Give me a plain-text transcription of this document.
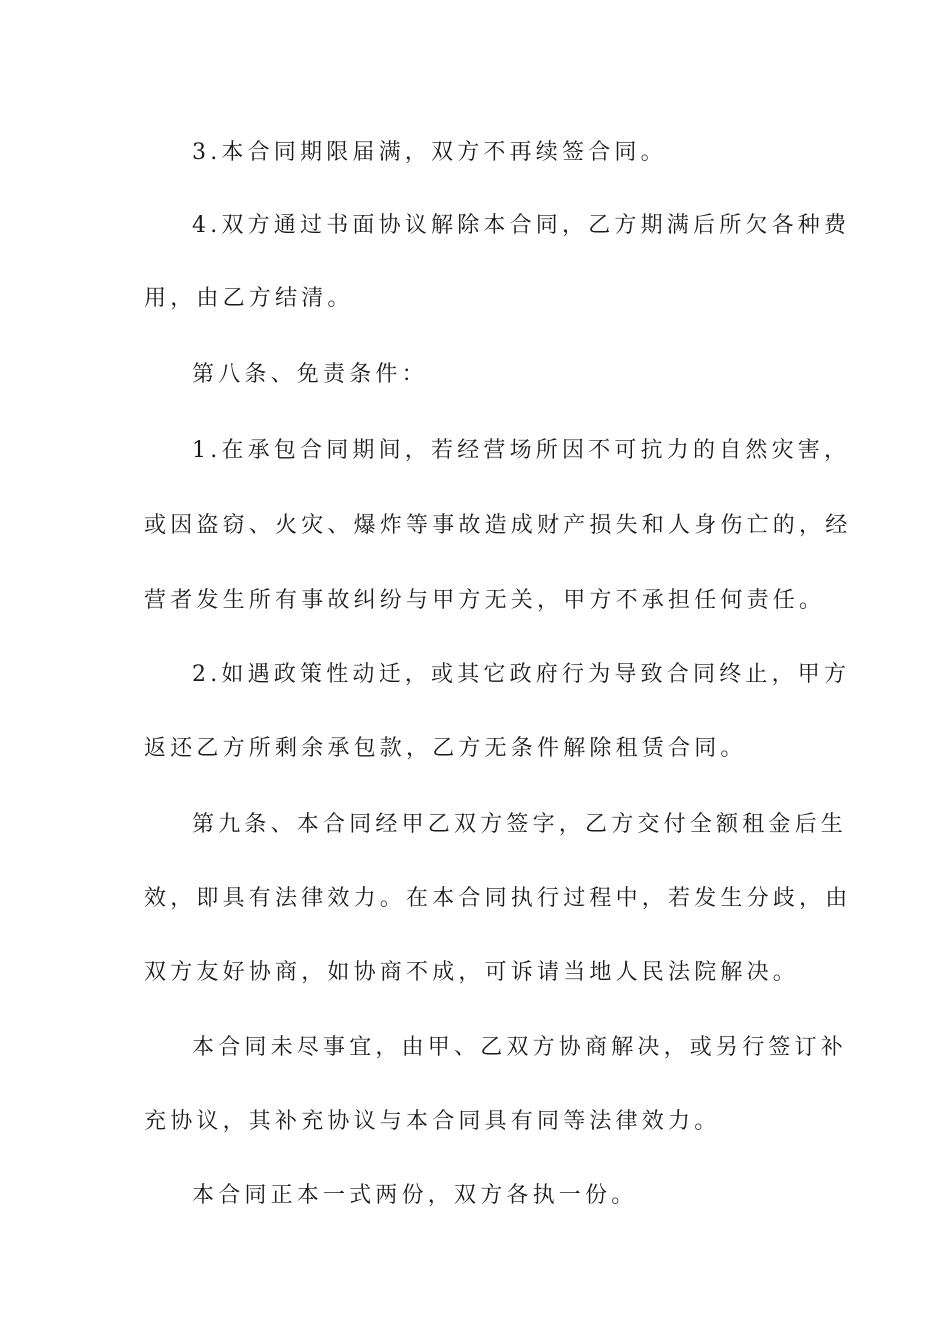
3.本合同期限届满，双方不再续签合同。
4.双方通过书面协议解除本合同，乙方期满后所欠各种费
用，由乙方结清。
第八条、免责条件：
1.在承包合同期间，若经营场所因不可抗力的自然灾害，
或因盗窃、火灾、爆炸等事故造成财产损失和人身伤亡的，经
营者发生所有事故纠纷与甲方无关，甲方不承担任何责任。
2.如遇政策性动迁，或其它政府行为导致合同终止，甲方
返还乙方所剩余承包款，乙方无条件解除租赁合同。
第九条、本合同经甲乙双方签字，乙方交付全额租金后生
效，即具有法律效力。在本合同执行过程中，若发生分歧，由
双方友好协商，如协商不成，可诉请当地人民法院解决。
本合同未尽事宜，由甲、乙双方协商解决，或另行签订补
充协议，其补充协议与本合同具有同等法律效力。
本合同正本一式两份，双方各执一份。
